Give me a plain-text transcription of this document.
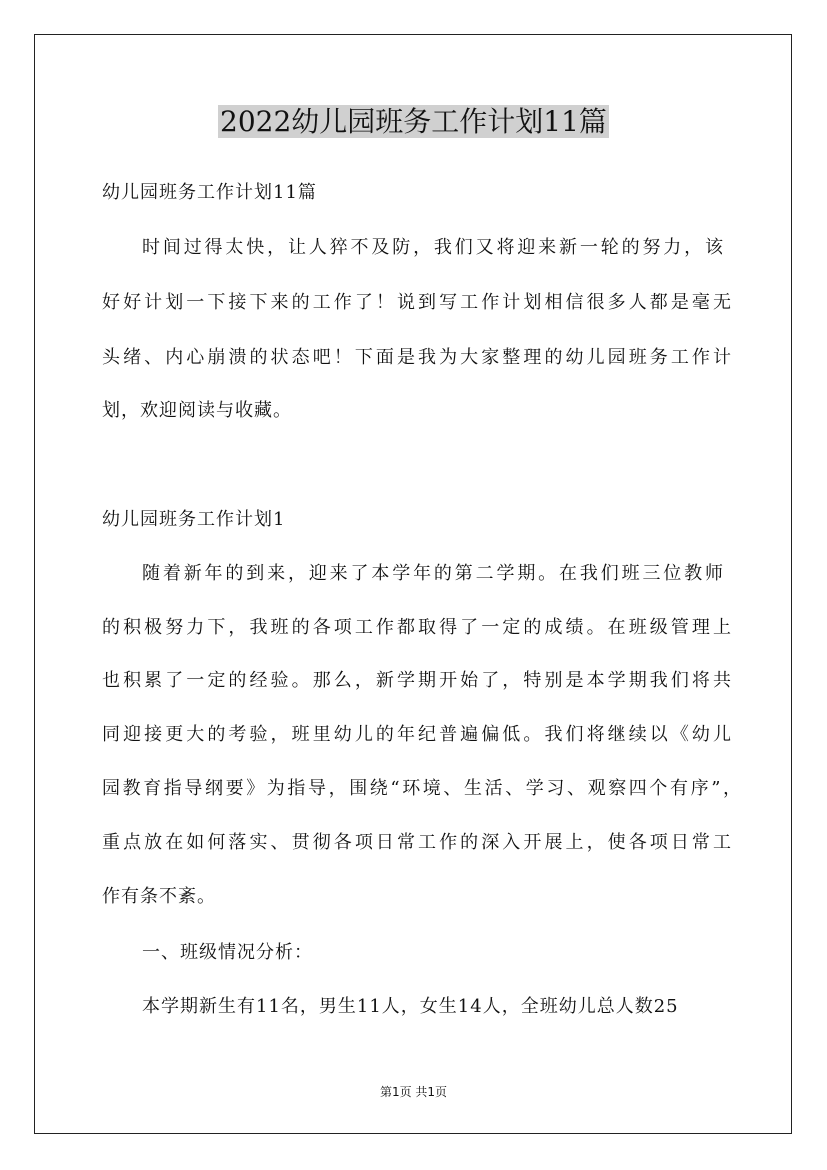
2022幼儿园班务工作计划11篇
幼儿园班务工作计划11篇
时间过得太快，让人猝不及防，我们又将迎来新一轮的努力，该
好好计划一下接下来的工作了！说到写工作计划相信很多人都是毫无
头绪、内心崩溃的状态吧！下面是我为大家整理的幼儿园班务工作计
划，欢迎阅读与收藏。
幼儿园班务工作计划1
随着新年的到来，迎来了本学年的第二学期。在我们班三位教师
的积极努力下，我班的各项工作都取得了一定的成绩。在班级管理上
也积累了一定的经验。那么，新学期开始了，特别是本学期我们将共
同迎接更大的考验，班里幼儿的年纪普遍偏低。我们将继续以《幼儿
园教育指导纲要》为指导，围绕“环境、生活、学习、观察四个有序”，
重点放在如何落实、贯彻各项日常工作的深入开展上，使各项日常工
作有条不紊。
一、班级情况分析：
本学期新生有11名，男生11人，女生14人，全班幼儿总人数25
第1页 共1页
